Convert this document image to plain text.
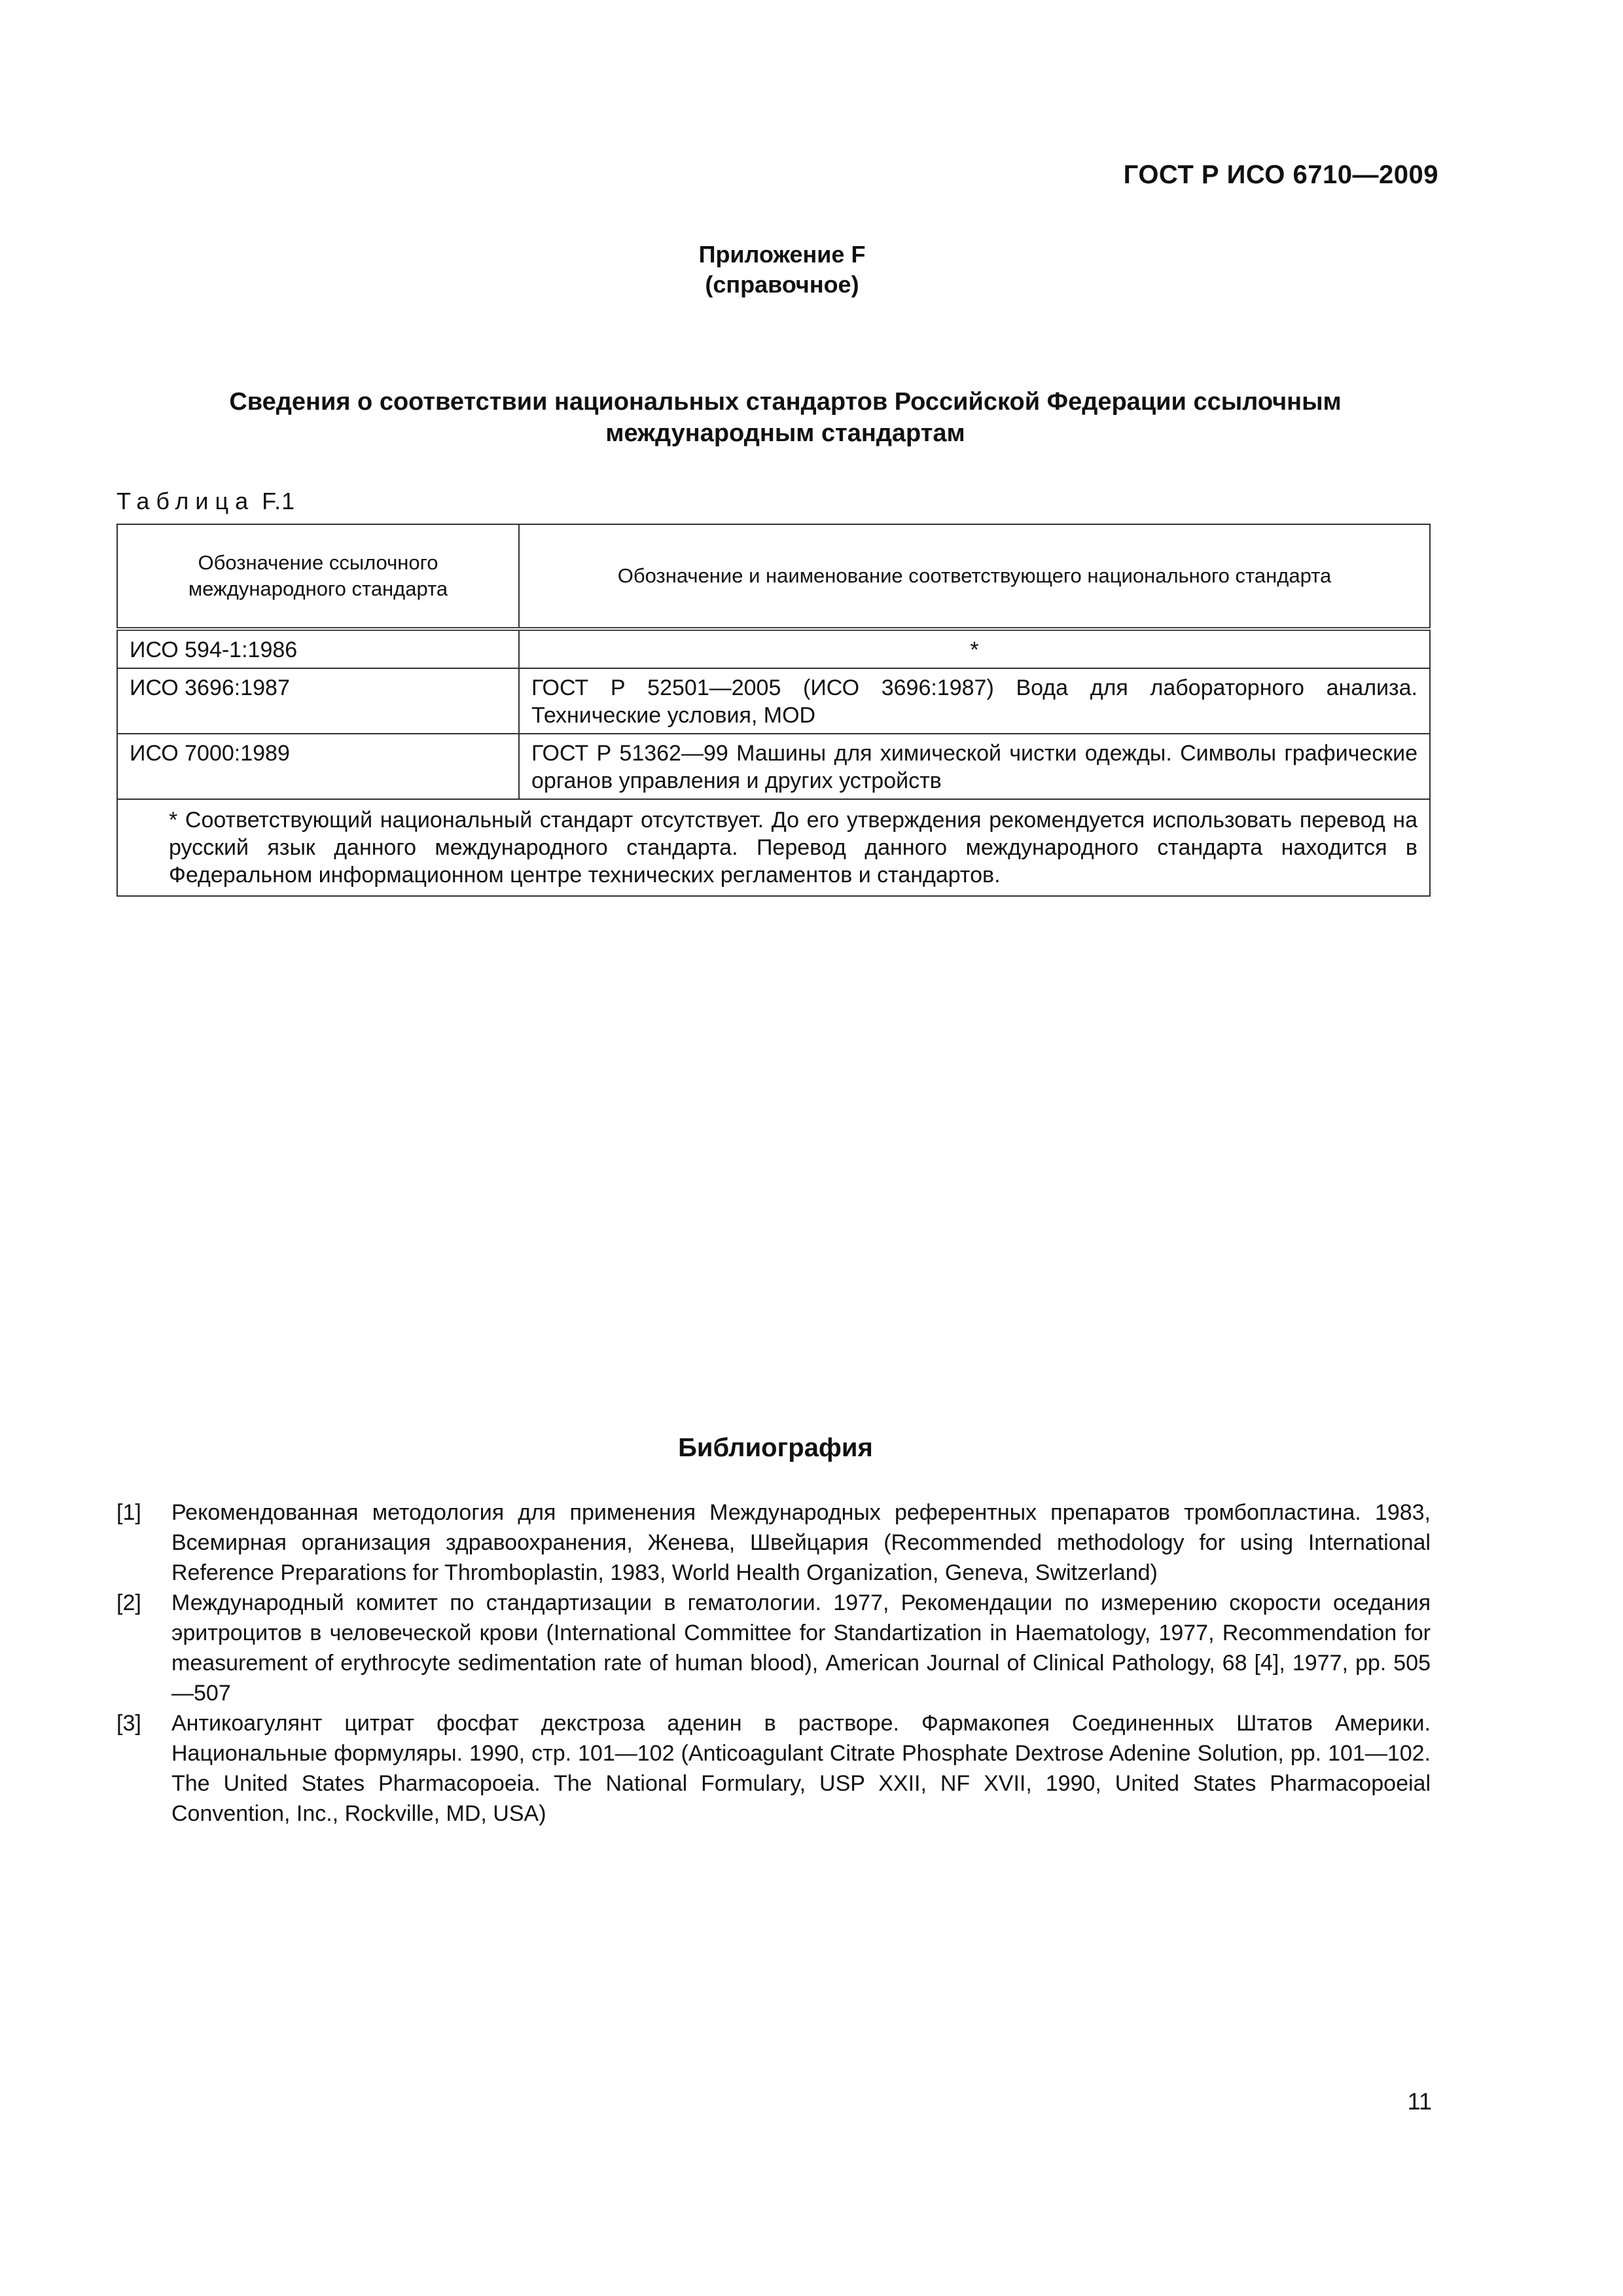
ГОСТ Р ИСО 6710—2009
Приложение F
(справочное)
Сведения о соответствии национальных стандартов Российской Федерации ссылочным
международным стандартам
Таблица F.1
Обозначение ссылочного международного стандарта	Обозначение и наименование соответствующего национального стандарта
ИСО 594-1:1986	*
ИСО 3696:1987	ГОСТ Р 52501—2005 (ИСО 3696:1987) Вода для лабораторного анализа. Технические условия, MOD
ИСО 7000:1989	ГОСТ Р 51362—99 Машины для химической чистки одежды. Символы графические органов управления и других устройств

* Соответствующий национальный стандарт отсутствует. До его утверждения рекомендуется использовать перевод на русский язык данного международного стандарта. Перевод данного международного стандарта находится в Федеральном информационном центре технических регламентов и стандартов.	
Библиография
[1]	Рекомендованная методология для применения Международных референтных препаратов тромбопластина. 1983, Всемирная организация здравоохранения, Женева, Швейцария (Recommended methodology for using International Reference Preparations for Thromboplastin, 1983, World Health Organization, Geneva, Switzerland)
[2]	Международный комитет по стандартизации в гематологии. 1977, Рекомендации по измерению скорости оседания эритроцитов в человеческой крови (International Committee for Standartization in Haematology, 1977, Recommendation for measurement of erythrocyte sedimentation rate of human blood), American Journal of Clinical Pathology, 68 [4], 1977, pp. 505—507
[3]	Антикоагулянт цитрат фосфат декстроза аденин в растворе. Фармакопея Соединенных Штатов Америки. Национальные формуляры. 1990, стр. 101—102 (Anticoagulant Citrate Phosphate Dextrose Adenine Solution, pp. 101—102. The United States Pharmacopoeia. The National Formulary, USP XXII, NF XVII, 1990, United States Pharmacopoeial Convention, Inc., Rockville, MD, USA)
11
